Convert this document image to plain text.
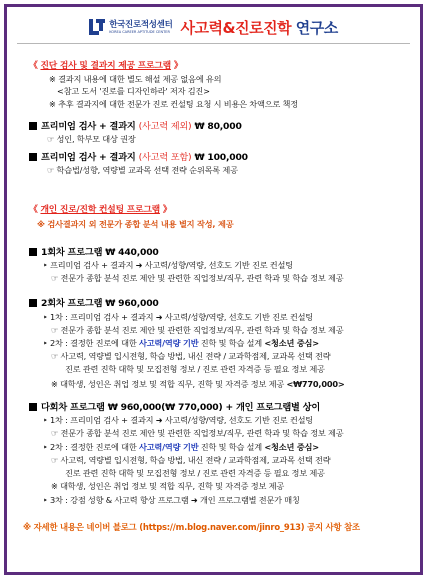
한국진로적성센터
KOREA CAREER APTITUDE CENTER 사고력&진로진학 연구소
《 진단 검사 및 결과지 제공 프로그램 》
※ 결과지 내용에 대한 별도 해설 제공 없음에 유의
<참고 도서 '진로를 디자인하라' 저자 김진>
※ 추후 결과지에 대한 전문가 진로 컨설팅 요청 시 비용은 차액으로 책정
프리미엄 검사 + 결과지 (사고력 제외) ₩ 80,000
☞ 성인, 학부모 대상 권장
프리미엄 검사 + 결과지 (사고력 포함) ₩ 100,000
☞ 학습법/성향, 역량별 교과목 선택 전략 순위목록 제공
《 개인 진로/진학 컨설팅 프로그램 》
※ 검사결과지 외 전문가 종합 분석 내용 별지 작성, 제공
1회차 프로그램 ₩ 440,000
‣ 프리미엄 검사 + 결과지 ➜ 사고력/성향/역량, 선호도 기반 진로 컨설팅
☞ 전문가 종합 분석 진로 제안 및 관련한 직업정보/직무, 관련 학과 및 학습 정보 제공
2회차 프로그램 ₩ 960,000
‣ 1차 : 프리미엄 검사 + 결과지 ➜ 사고력/성향/역량, 선호도 기반 진로 컨설팅
☞ 전문가 종합 분석 진로 제안 및 관련한 직업정보/직무, 관련 학과 및 학습 정보 제공
‣ 2차 : 결정한 진로에 대한 사고력/역량 기반 진학 및 학습 설계 <청소년 중심>
☞ 사고력, 역량별 입시전형, 학습 방법, 내신 전략 / 교과학점제, 교과목 선택 전략
진로 관련 진학 대학 및 모집전형 정보 / 진로 관련 자격증 등 필요 정보 제공
※ 대학생, 성인은 취업 정보 및 적합 직무, 진학 및 자격증 정보 제공 <₩770,000>
다회차 프로그램 ₩ 960,000(₩ 770,000) + 개인 프로그램별 상이
‣ 1차 : 프리미엄 검사 + 결과지 ➜ 사고력/성향/역량, 선호도 기반 진로 컨설팅
☞ 전문가 종합 분석 진로 제안 및 관련한 직업정보/직무, 관련 학과 및 학습 정보 제공
‣ 2차 : 결정한 진로에 대한 사고력/역량 기반 진학 및 학습 설계 <청소년 중심>
☞ 사고력, 역량별 입시전형, 학습 방법, 내신 전략 / 교과학점제, 교과목 선택 전략
진로 관련 진학 대학 및 모집전형 정보 / 진로 관련 자격증 등 필요 정보 제공
※ 대학생, 성인은 취업 정보 및 적합 직무, 진학 및 자격증 정보 제공
‣ 3차 : 강점 성향 & 사고력 향상 프로그램 ➜ 개인 프로그램별 전문가 매칭
※ 자세한 내용은 네이버 블로그 (https://m.blog.naver.com/jinro_913) 공지 사항 참조
